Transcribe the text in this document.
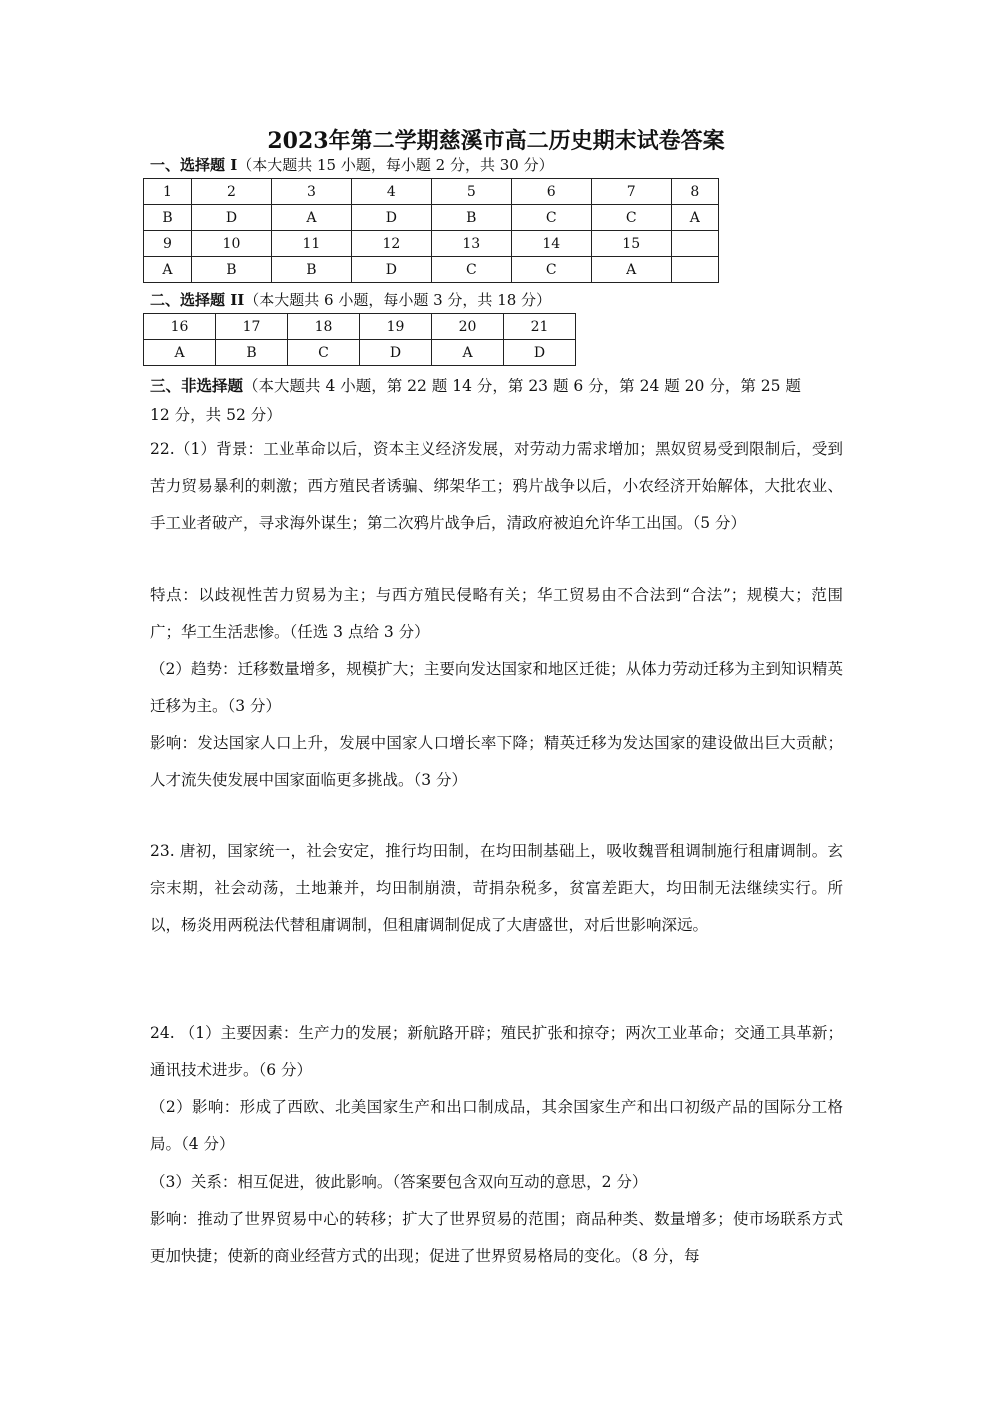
2023年第二学期慈溪市高二历史期末试卷答案
一、选择题 I（本大题共 15 小题，每小题 2 分，共 30 分）
1	2	3	4	5	6	7	8
B	D	A	D	B	C	C	A
9	10	11	12	13	14	15	
A	B	B	D	C	C	A	
二、选择题 II（本大题共 6 小题，每小题 3 分，共 18 分）
16	17	18	19	20	21
A	B	C	D	A	D
三、非选择题（本大题共 4 小题，第 22 题 14 分，第 23 题 6 分，第 24 题 20 分，第 25 题
12 分，共 52 分）
22.（1）背景：工业革命以后，资本主义经济发展，对劳动力需求增加；黑奴贸易受到限制后，受到苦力贸易暴利的刺激；西方殖民者诱骗、绑架华工；鸦片战争以后，小农经济开始解体，大批农业、手工业者破产，寻求海外谋生；第二次鸦片战争后，清政府被迫允许华工出国。（5 分）
特点：以歧视性苦力贸易为主；与西方殖民侵略有关；华工贸易由不合法到“合法”；规模大；范围广；华工生活悲惨。（任选 3 点给 3 分）
（2）趋势：迁移数量增多，规模扩大；主要向发达国家和地区迁徙；从体力劳动迁移为主到知识精英迁移为主。（3 分）
影响：发达国家人口上升，发展中国家人口增长率下降；精英迁移为发达国家的建设做出巨大贡献；人才流失使发展中国家面临更多挑战。（3 分）
23. 唐初，国家统一，社会安定，推行均田制，在均田制基础上，吸收魏晋租调制施行租庸调制。玄宗末期，社会动荡，土地兼并，均田制崩溃，苛捐杂税多，贫富差距大，均田制无法继续实行。所以，杨炎用两税法代替租庸调制，但租庸调制促成了大唐盛世，对后世影响深远。
24. （1）主要因素：生产力的发展；新航路开辟；殖民扩张和掠夺；两次工业革命；交通工具革新；通讯技术进步。（6 分）
（2）影响：形成了西欧、北美国家生产和出口制成品，其余国家生产和出口初级产品的国际分工格局。（4 分）
（3）关系：相互促进，彼此影响。（答案要包含双向互动的意思，2 分）
影响：推动了世界贸易中心的转移；扩大了世界贸易的范围；商品种类、数量增多；使市场联系方式更加快捷；使新的商业经营方式的出现；促进了世界贸易格局的变化。（8 分，每
